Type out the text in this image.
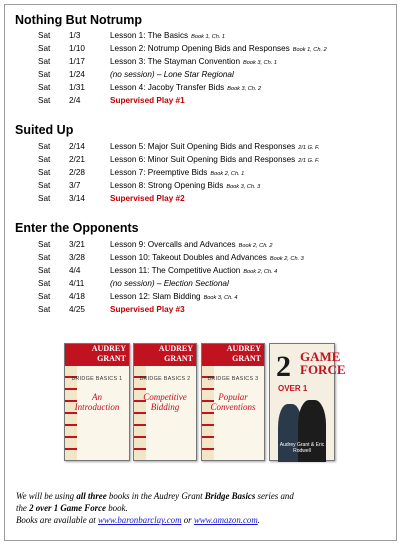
Nothing But Notrump
Sat 1/3	Lesson 1: The Basics Book 1, Ch. 1
Sat 1/10	Lesson 2: Notrump Opening Bids and Responses Book 1, Ch. 2
Sat 1/17	Lesson 3: The Stayman Convention Book 3, Ch. 1
Sat 1/24	(no session) – Lone Star Regional
Sat 1/31	Lesson 4: Jacoby Transfer Bids Book 3, Ch. 2
Sat 2/4	Supervised Play #1
Suited Up
Sat 2/14	Lesson 5: Major Suit Opening Bids and Responses 2/1 G. F.
Sat 2/21	Lesson 6: Minor Suit Opening Bids and Responses 2/1 G. F.
Sat 2/28	Lesson 7: Preemptive Bids Book 2, Ch. 1
Sat 3/7	Lesson 8: Strong Opening Bids Book 3, Ch. 3
Sat 3/14	Supervised Play #2
Enter the Opponents
Sat 3/21	Lesson 9: Overcalls and Advances Book 2, Ch. 2
Sat 3/28	Lesson 10: Takeout Doubles and Advances Book 2, Ch. 3
Sat 4/4	Lesson 11: The Competitive Auction Book 2, Ch. 4
Sat 4/11	(no session) – Election Sectional
Sat 4/18	Lesson 12: Slam Bidding Book 3, Ch. 4
Sat 4/25	Supervised Play #3
AUDREY GRANT
BRIDGE BASICS 1
An Introduction
AUDREY GRANT
BRIDGE BASICS 2
Competitive Bidding
AUDREY GRANT
BRIDGE BASICS 3
Popular Conventions
2
OVER 1
GAME
FORCE
Audrey Grant & Eric Rodwell
We will be using all three books in the Audrey Grant Bridge Basics series and
the 2 over 1 Game Force book.
Books are available at www.baronbarclay.com or www.amazon.com.
